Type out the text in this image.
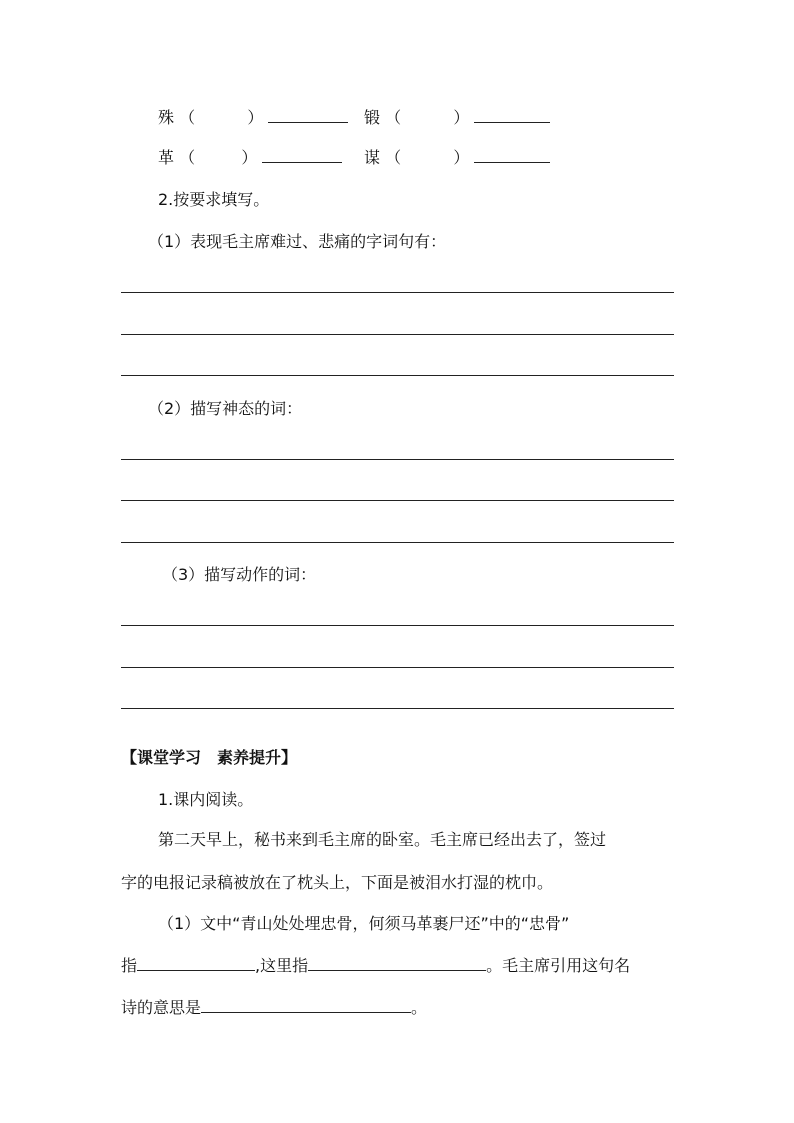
殊 （	）	锻 （	）
革 （	）	谋 （	）
2.按要求填写。
（1）表现毛主席难过、悲痛的字词句有：
（2）描写神态的词：
（3）描写动作的词：
【课堂学习　素养提升】
1.课内阅读。
第二天早上，秘书来到毛主席的卧室。毛主席已经出去了，签过
字的电报记录稿被放在了枕头上，下面是被泪水打湿的枕巾。
（1）文中“青山处处埋忠骨，何须马革裹尸还”中的“忠骨”
指	,这里指	。毛主席引用这句名
诗的意思是	。
